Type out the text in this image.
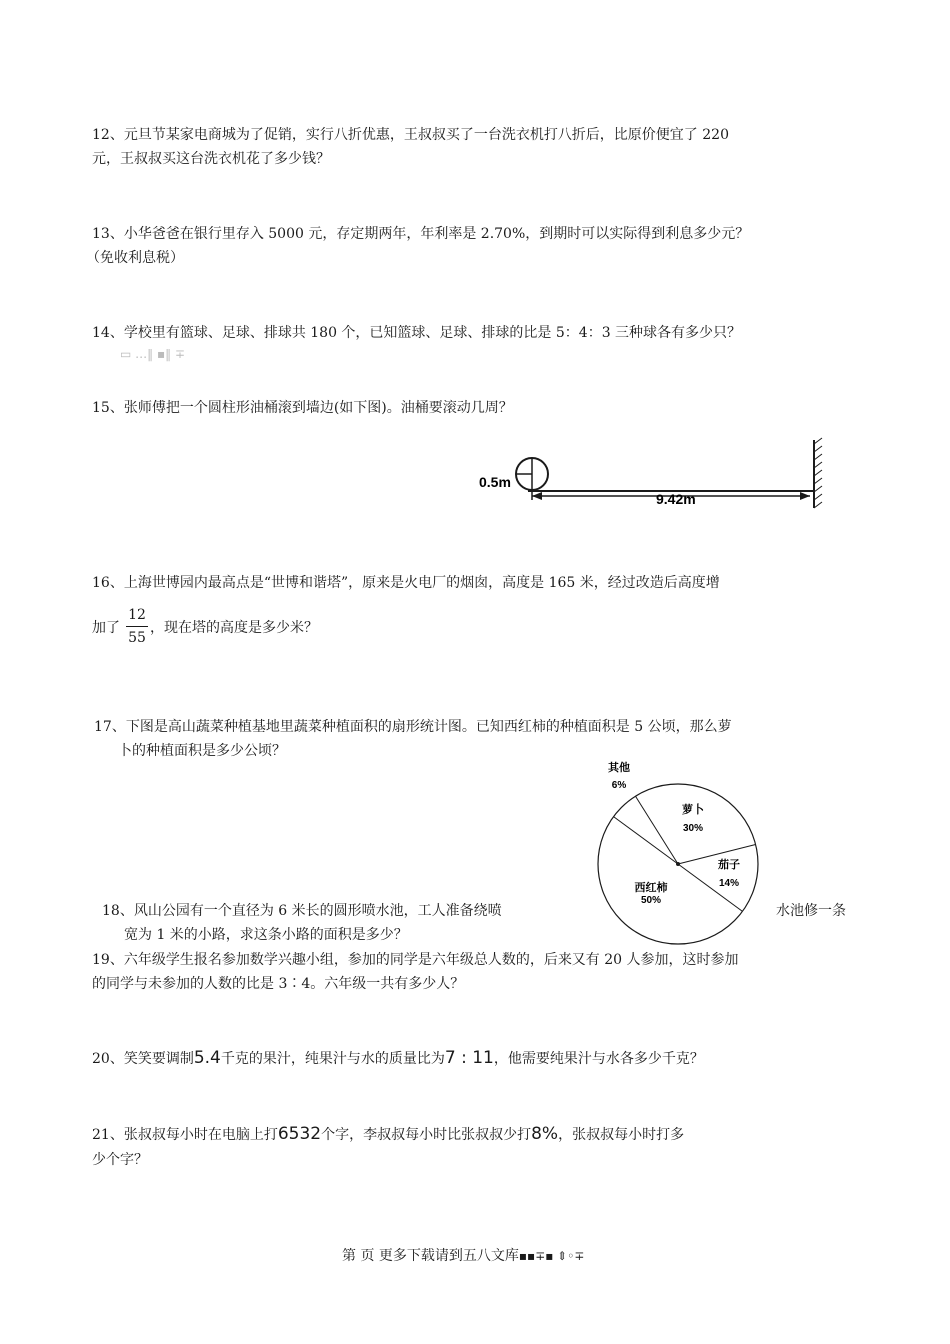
12、元旦节某家电商城为了促销，实行八折优惠，王叔叔买了一台洗衣机打八折后，比原价便宜了 220
元，王叔叔买这台洗衣机花了多少钱？
13、小华爸爸在银行里存入 5000 元，存定期两年，年利率是 2.70%，到期时可以实际得到利息多少元？
（免收利息税）
14、学校里有篮球、足球、排球共 180 个，已知篮球、足球、排球的比是 5：4：3 三种球各有多少只？
▭ …‖ ▪‖ ∓
15、张师傅把一个圆柱形油桶滚到墙边(如下图)。油桶要滚动几周？
0.5m
9.42m
16、上海世博园内最高点是“世博和谐塔”，原来是火电厂的烟囱，高度是 165 米，经过改造后高度增
加了
12
55
，现在塔的高度是多少米？
17、下图是高山蔬菜种植基地里蔬菜种植面积的扇形统计图。已知西红柿的种植面积是 5 公顷，那么萝
卜的种植面积是多少公顷？
萝卜
30%
茄子
14%
西红柿
50%
其他
6%
18、风山公园有一个直径为 6 米长的圆形喷水池，工人准备绕喷	水池修一条
宽为 1 米的小路，求这条小路的面积是多少？
19、六年级学生报名参加数学兴趣小组，参加的同学是六年级总人数的，后来又有 20 人参加，这时参加
的同学与未参加的人数的比是 3∶4。六年级一共有多少人？
20、笑笑要调制5.4千克的果汁，纯果汁与水的质量比为7 : 11，他需要纯果汁与水各多少千克？
21、张叔叔每小时在电脑上打6532个字，李叔叔每小时比张叔叔少打8%，张叔叔每小时打多
少个字？
第 页 更多下载请到五八文库▪▪∓▪ ⇕◦∓
